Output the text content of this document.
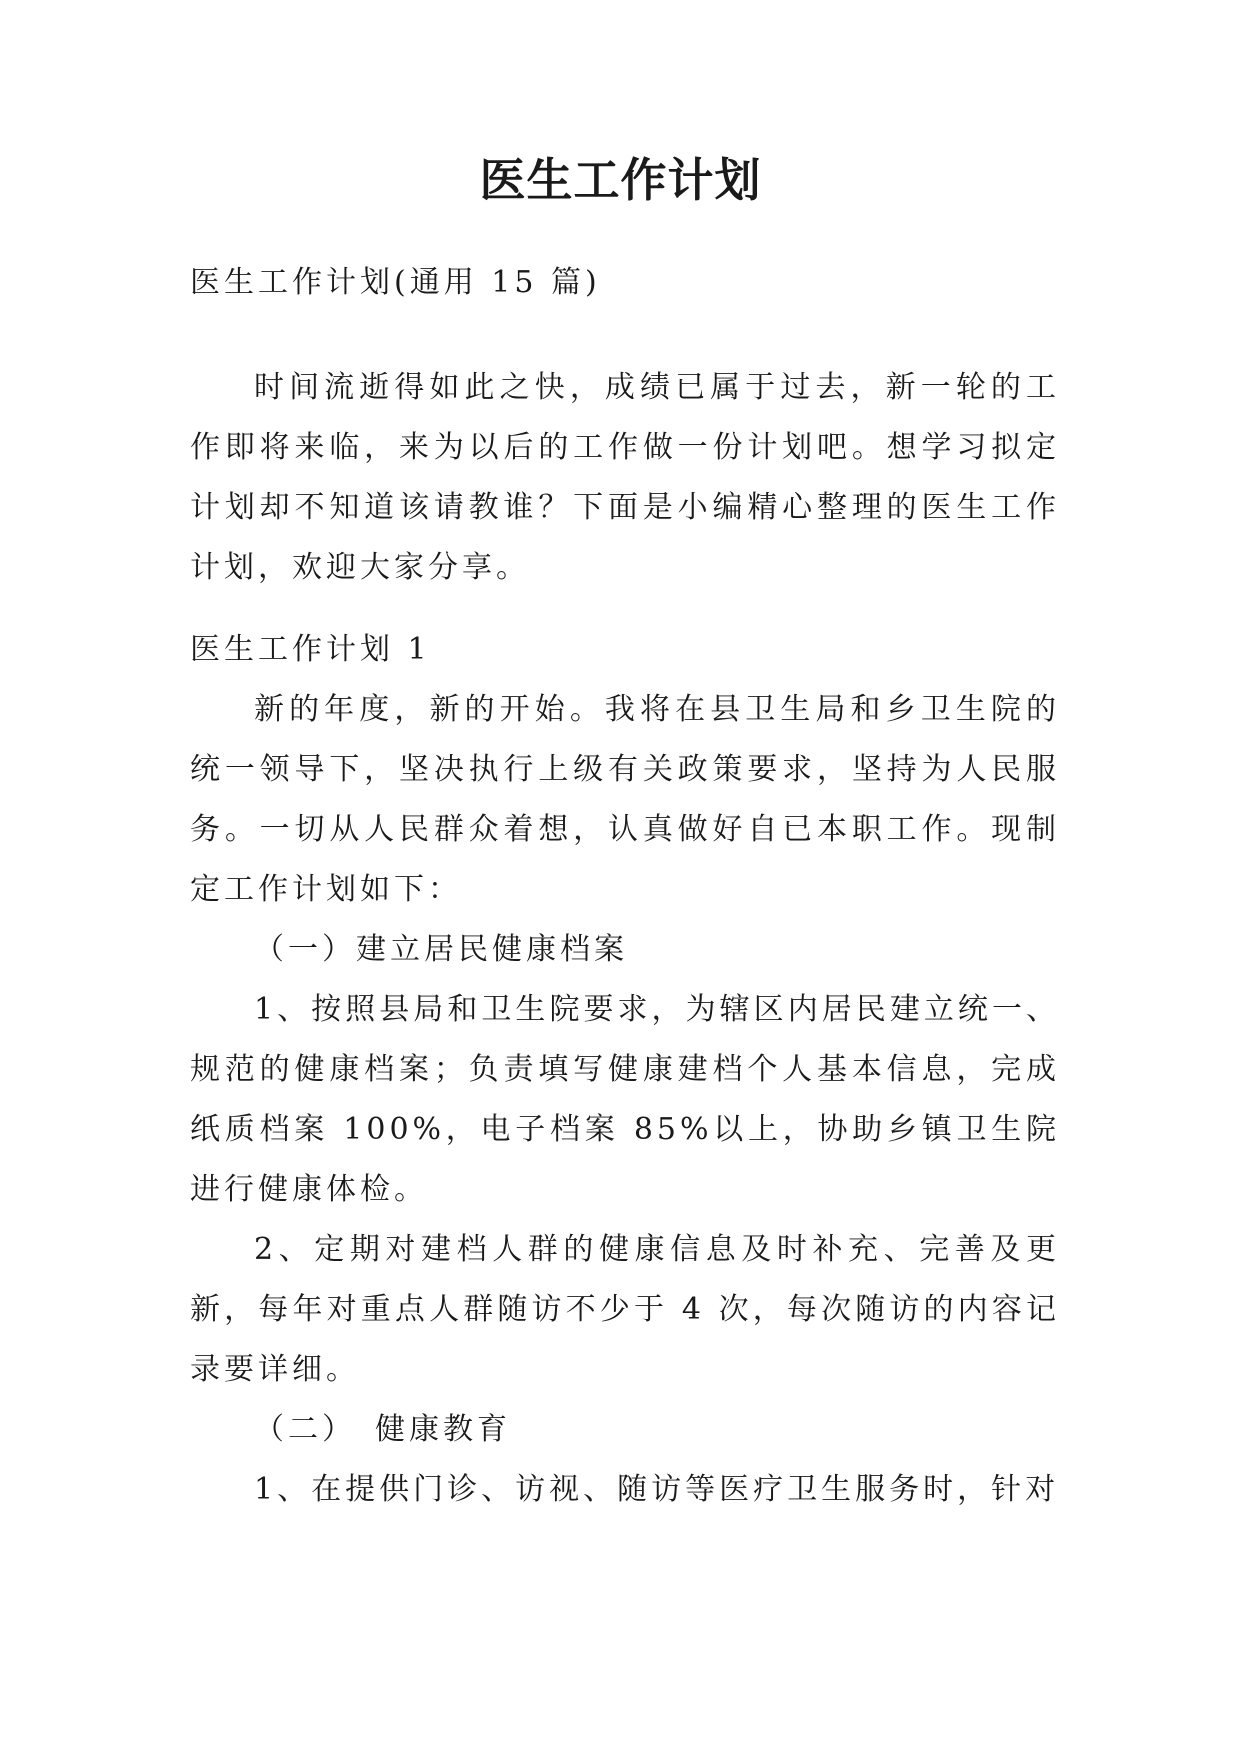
医生工作计划

医生工作计划(通用 15 篇)

时间流逝得如此之快，成绩已属于过去，新一轮的工作即将来临，来为以后的工作做一份计划吧。想学习拟定计划却不知道该请教谁？下面是小编精心整理的医生工作计划，欢迎大家分享。

医生工作计划 1

新的年度，新的开始。我将在县卫生局和乡卫生院的统一领导下，坚决执行上级有关政策要求，坚持为人民服务。一切从人民群众着想，认真做好自已本职工作。现制定工作计划如下：

（一）建立居民健康档案

1、按照县局和卫生院要求，为辖区内居民建立统一、规范的健康档案；负责填写健康建档个人基本信息，完成纸质档案 100%，电子档案 85%以上，协助乡镇卫生院进行健康体检。

2、定期对建档人群的健康信息及时补充、完善及更新，每年对重点人群随访不少于 4 次，每次随访的内容记录要详细。

（二）　健康教育

1、在提供门诊、访视、随访等医疗卫生服务时，针对
